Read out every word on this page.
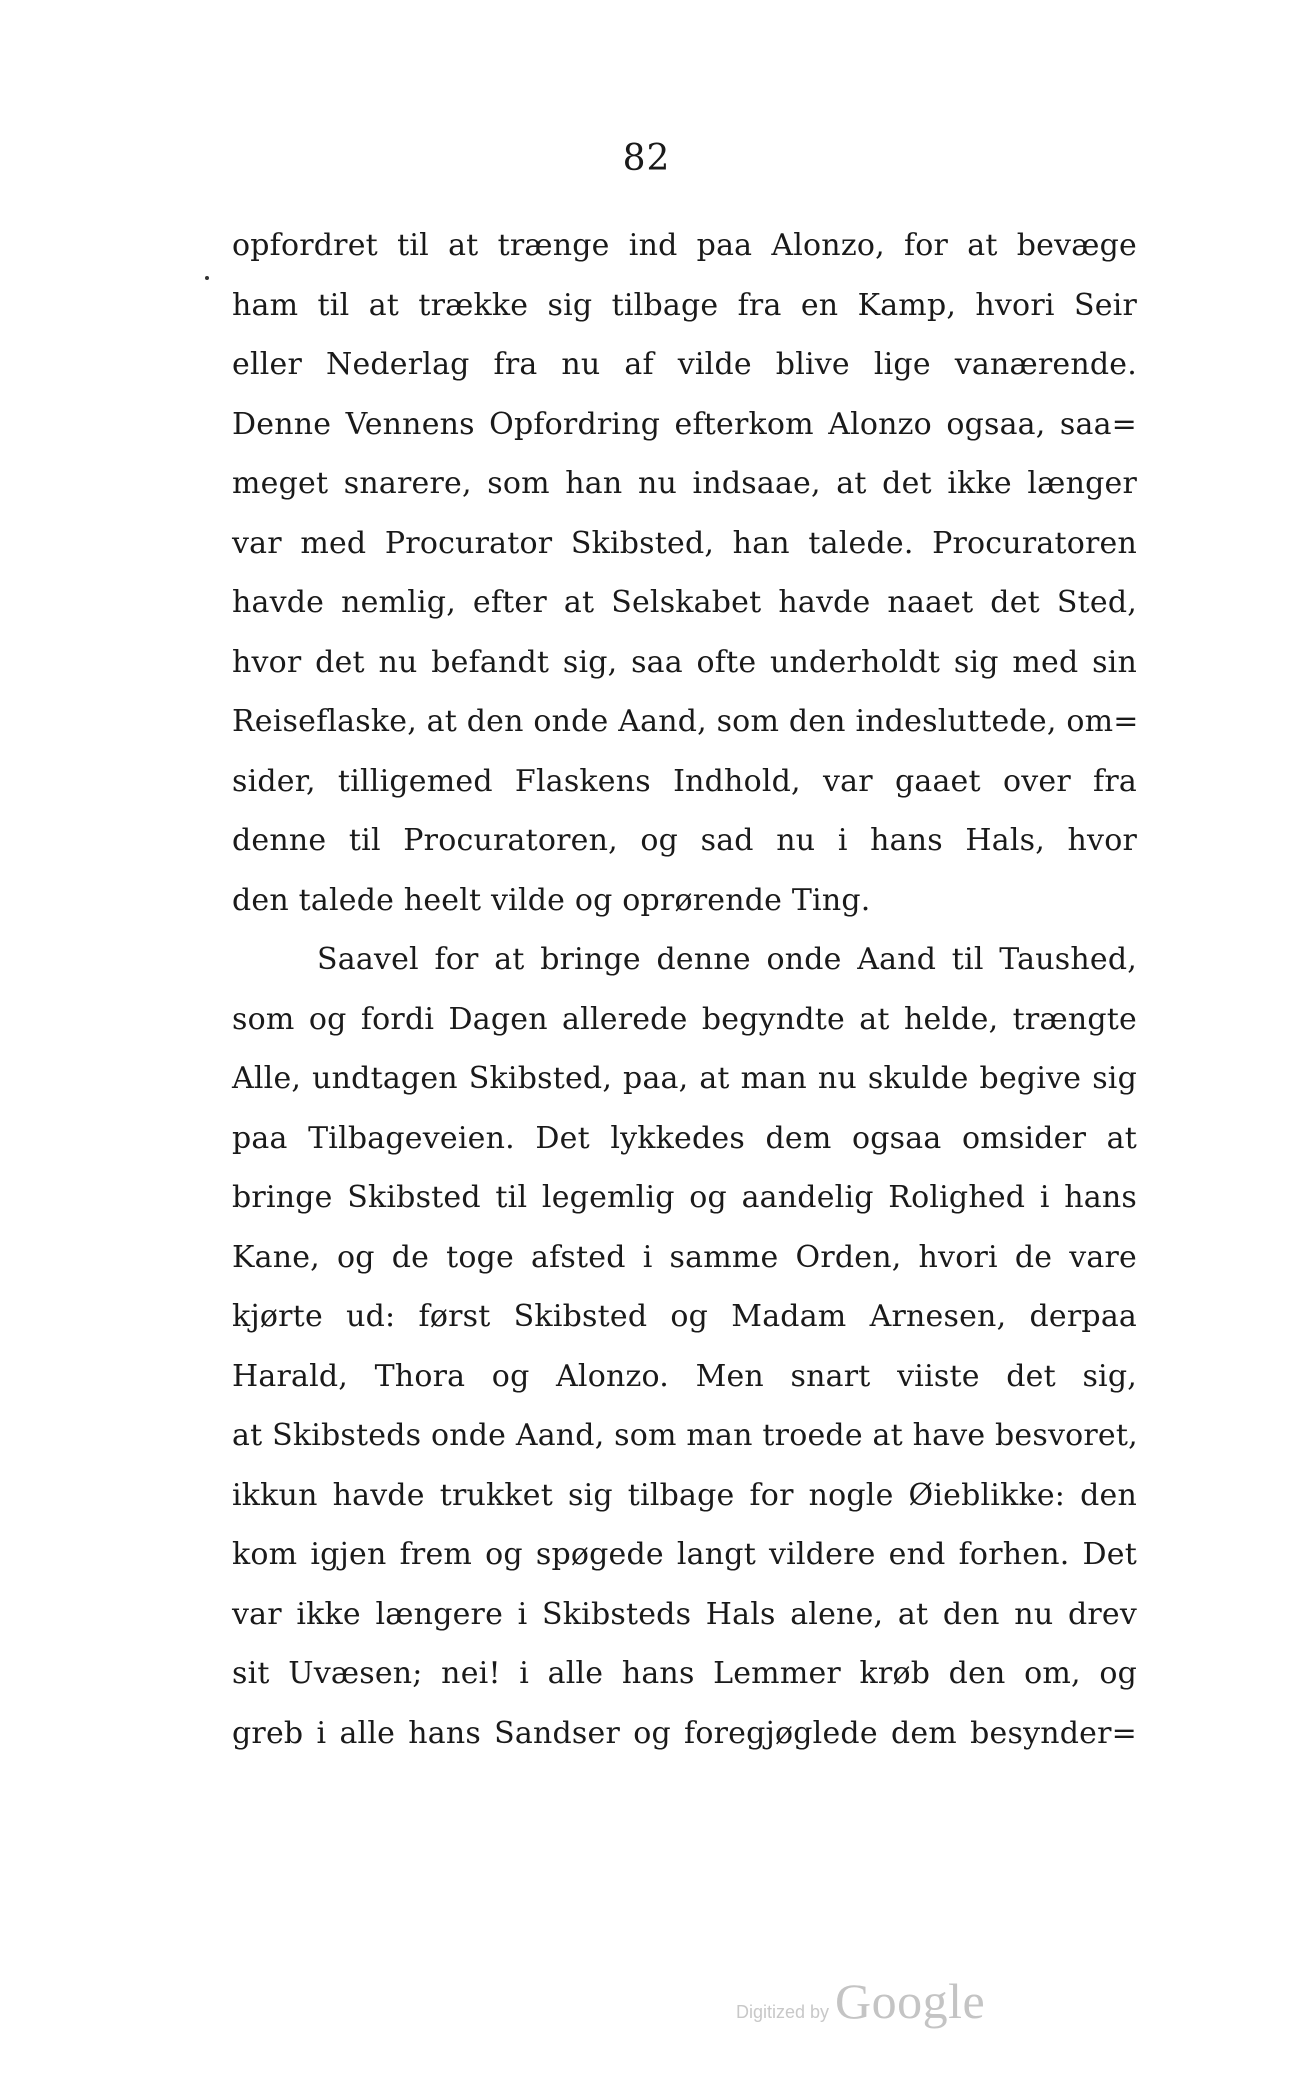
82
opfordret til at trænge ind paa Alonzo, for at bevæge
ham til at trække sig tilbage fra en Kamp, hvori Seir
eller Nederlag fra nu af vilde blive lige vanærende.
Denne Vennens Opfordring efterkom Alonzo ogsaa, saa=
meget snarere, som han nu indsaae, at det ikke længer
var med Procurator Skibsted, han talede. Procuratoren
havde nemlig, efter at Selskabet havde naaet det Sted,
hvor det nu befandt sig, saa ofte underholdt sig med sin
Reiseflaske, at den onde Aand, som den indesluttede, om=
sider, tilligemed Flaskens Indhold, var gaaet over fra
denne til Procuratoren, og sad nu i hans Hals, hvor
den talede heelt vilde og oprørende Ting.
Saavel for at bringe denne onde Aand til Taushed,
som og fordi Dagen allerede begyndte at helde, trængte
Alle, undtagen Skibsted, paa, at man nu skulde begive sig
paa Tilbageveien. Det lykkedes dem ogsaa omsider at
bringe Skibsted til legemlig og aandelig Rolighed i hans
Kane, og de toge afsted i samme Orden, hvori de vare
kjørte ud: først Skibsted og Madam Arnesen, derpaa
Harald, Thora og Alonzo. Men snart viiste det sig,
at Skibsteds onde Aand, som man troede at have besvoret,
ikkun havde trukket sig tilbage for nogle Øieblikke: den
kom igjen frem og spøgede langt vildere end forhen. Det
var ikke længere i Skibsteds Hals alene, at den nu drev
sit Uvæsen; nei! i alle hans Lemmer krøb den om, og
greb i alle hans Sandser og foregjøglede dem besynder=
Digitized by Google
